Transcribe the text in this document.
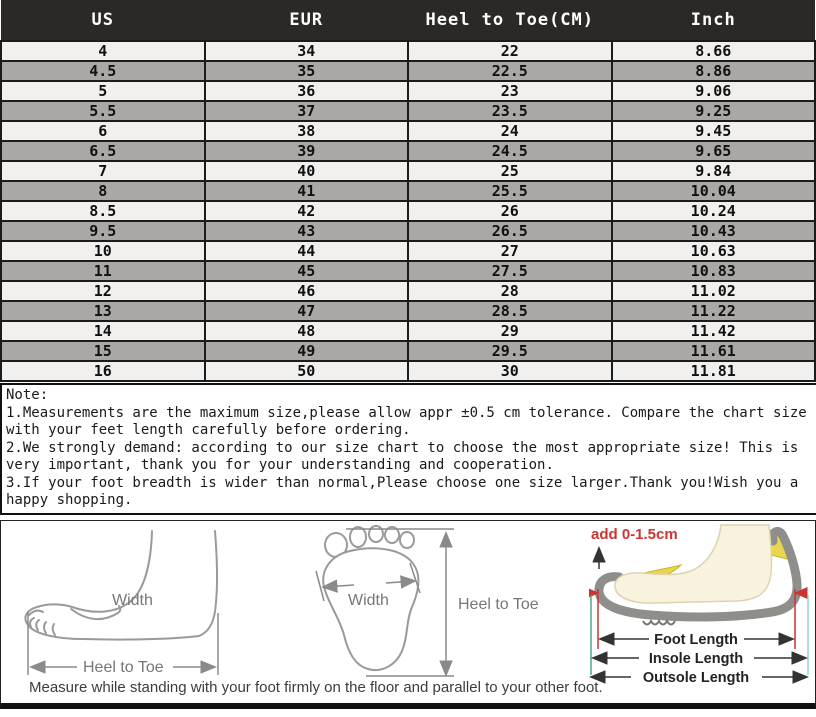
US	EUR	Heel to Toe(CM)	Inch
4	34	22	8.66
4.5	35	22.5	8.86
5	36	23	9.06
5.5	37	23.5	9.25
6	38	24	9.45
6.5	39	24.5	9.65
7	40	25	9.84
8	41	25.5	10.04
8.5	42	26	10.24
9.5	43	26.5	10.43
10	44	27	10.63
11	45	27.5	10.83
12	46	28	11.02
13	47	28.5	11.22
14	48	29	11.42
15	49	29.5	11.61
16	50	30	11.81

Note:

1.Measurements are the maximum size,please allow appr ±0.5 cm tolerance. Compare the chart size with your feet length carefully before ordering.

2.We strongly demand: according to our size chart to choose the most appropriate size! This is very important, thank you for your understanding and cooperation.

3.If your foot breadth is wider than normal,Please choose one size larger.Thank you!Wish you a happy shopping.

Width
Heel to Toe
Width	Heel to Toe
add 0-1.5cm
Foot Length
Insole Length
Outsole Length
Measure while standing with your foot firmly on the floor and parallel to your other foot.
